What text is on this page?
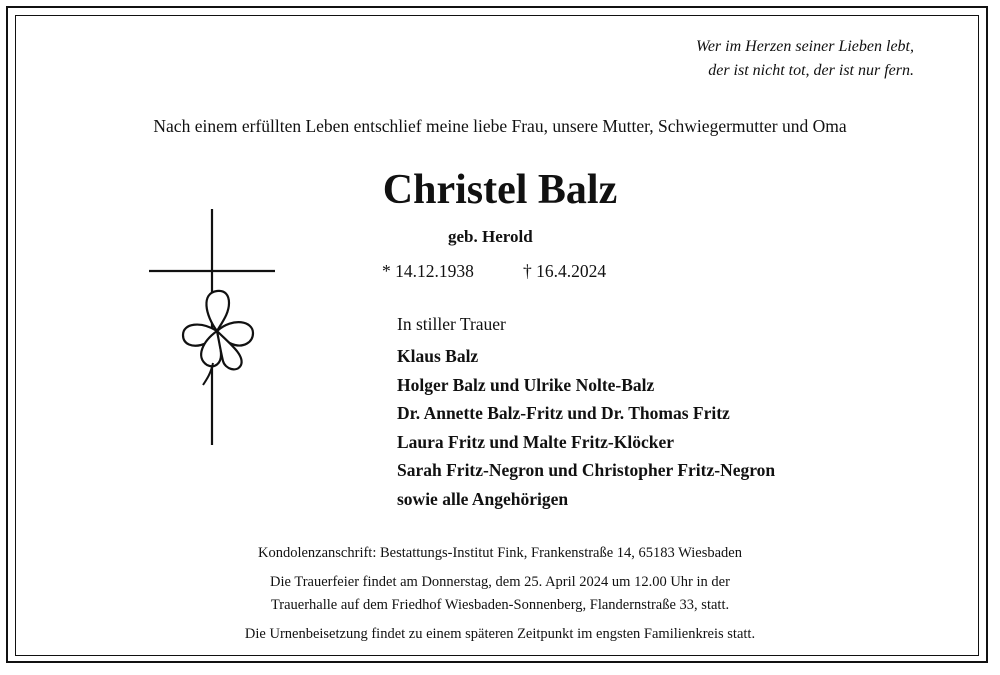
Wer im Herzen seiner Lieben lebt,
der ist nicht tot, der ist nur fern.
Nach einem erfüllten Leben entschlief meine liebe Frau, unsere Mutter, Schwiegermutter und Oma
Christel Balz
geb. Herold
* 14.12.1938	† 16.4.2024
In stiller Trauer
Klaus Balz
Holger Balz und Ulrike Nolte-Balz
Dr. Annette Balz-Fritz und Dr. Thomas Fritz
Laura Fritz und Malte Fritz-Klöcker
Sarah Fritz-Negron und Christopher Fritz-Negron
sowie alle Angehörigen
Kondolenzanschrift: Bestattungs-Institut Fink, Frankenstraße 14, 65183 Wiesbaden
Die Trauerfeier findet am Donnerstag, dem 25. April 2024 um 12.00 Uhr in der
Trauerhalle auf dem Friedhof Wiesbaden-Sonnenberg, Flandernstraße 33, statt.
Die Urnenbeisetzung findet zu einem späteren Zeitpunkt im engsten Familienkreis statt.
